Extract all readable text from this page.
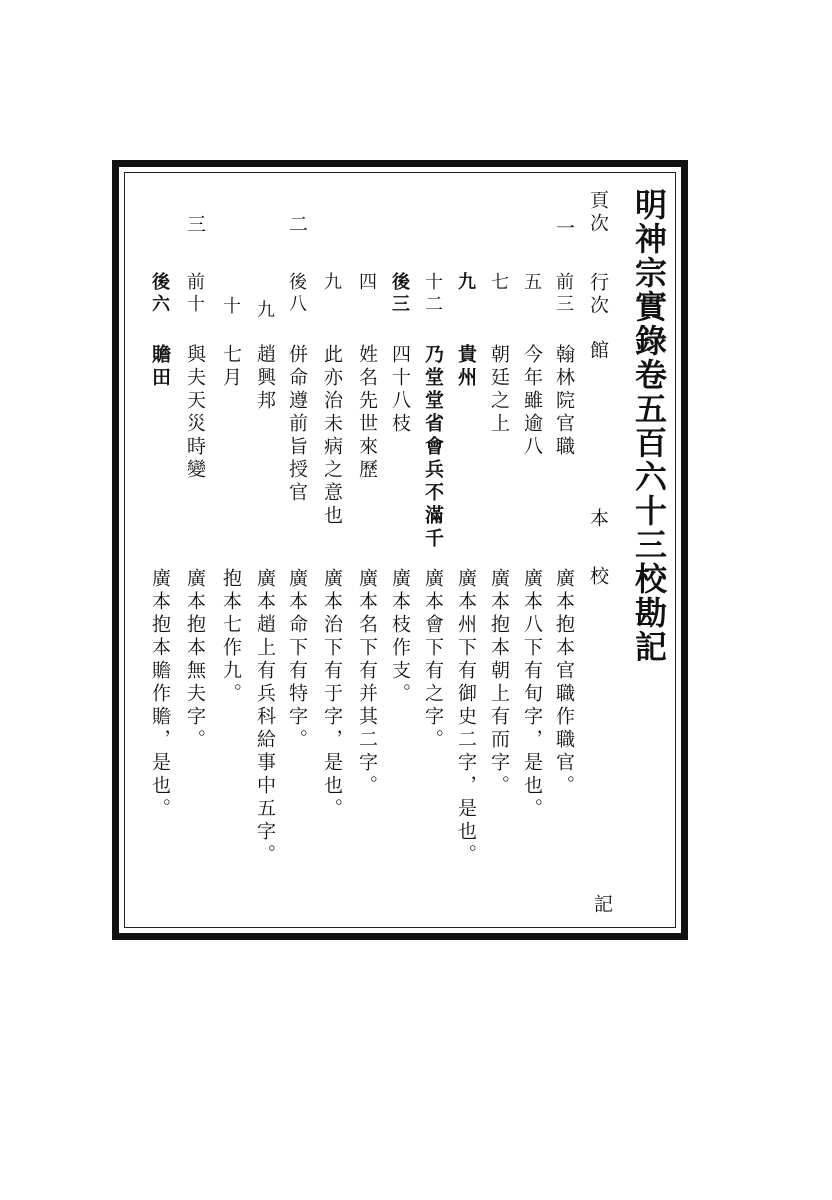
明神宗實錄卷五百六十三校勘記
頁次
行次
館
本
校
一
前三
翰林院官職
廣本抱本官職作職官。
五
今年雖逾八
廣本八下有旬字，是也。
七
朝廷之上
廣本抱本朝上有而字。
九
貴州
廣本州下有御史二字，是也。
十二
乃堂堂省會兵不滿千
廣本會下有之字。
後三
四十八枝
廣本枝作支。
四
姓名先世來歷
廣本名下有并其二字。
九
此亦治未病之意也
廣本治下有于字，是也。
二
後八
併命遵前旨授官
廣本命下有特字。
九
趙興邦
廣本趙上有兵科給事中五字。
十
七月
抱本七作九。
三
前十
與夫天災時變
廣本抱本無夫字。
後六
贍田
廣本抱本贍作贍，是也。
記
